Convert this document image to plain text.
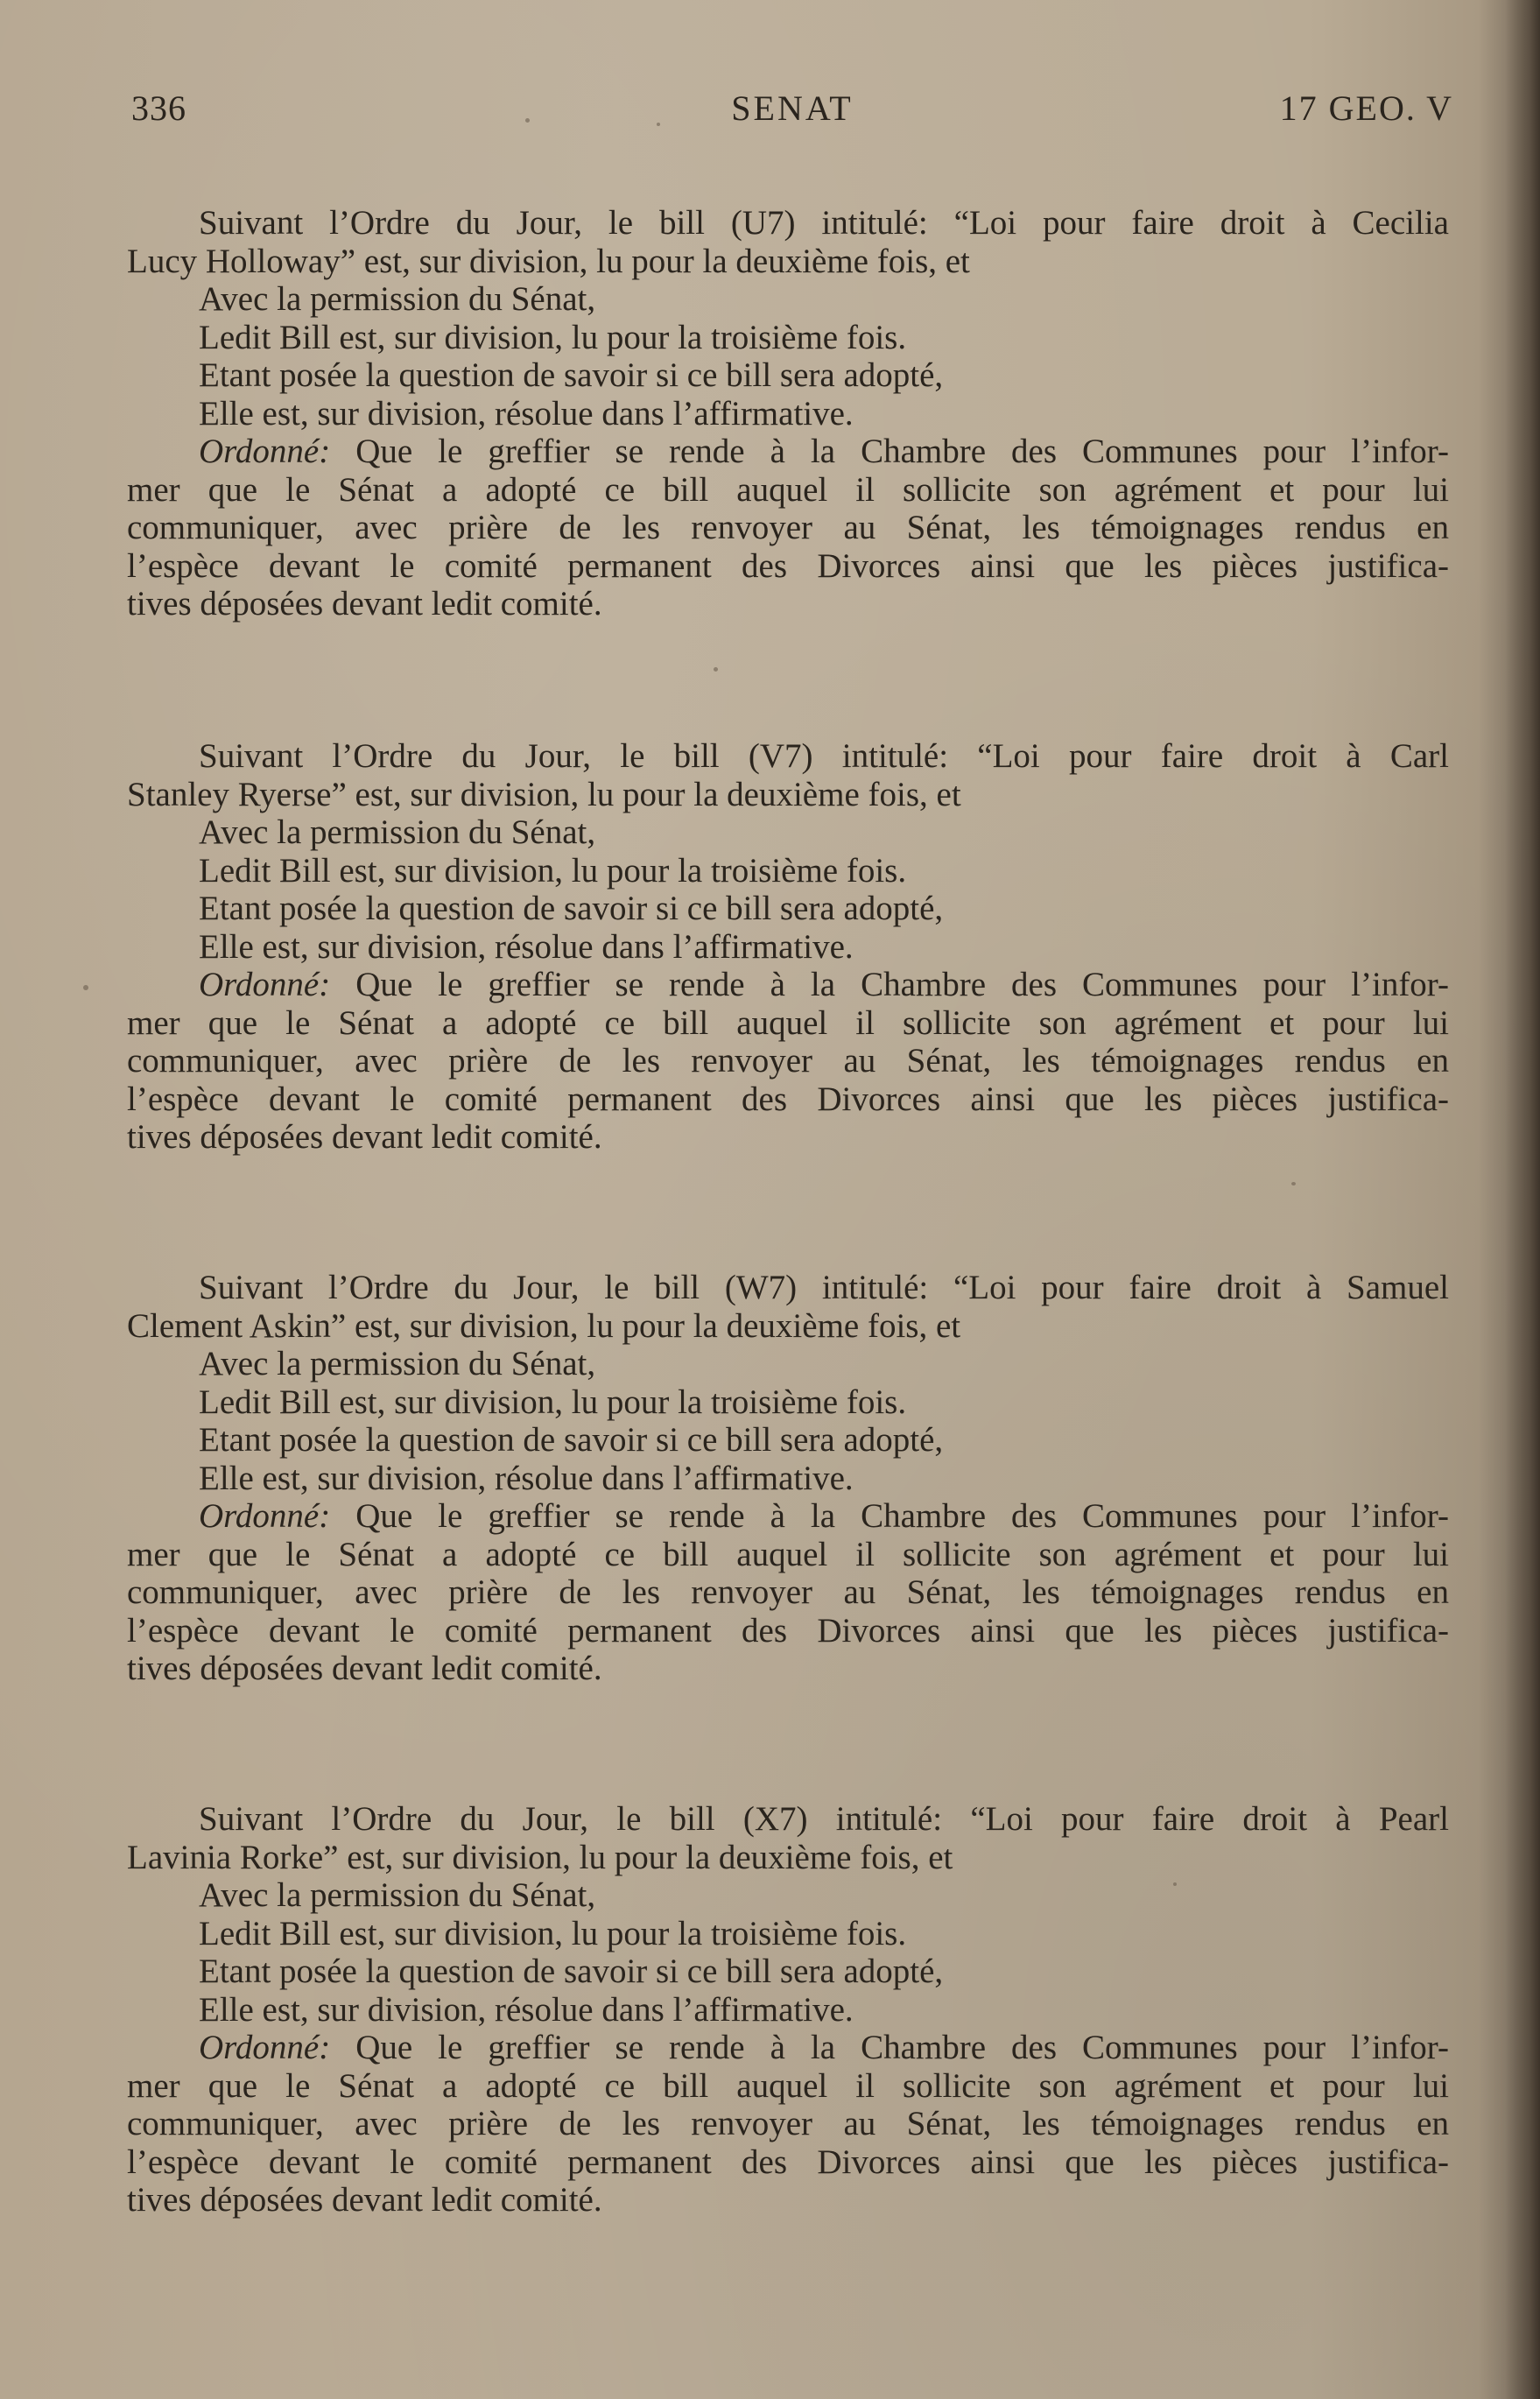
336	SENAT	17 GEO. V
Suivant l’Ordre du Jour, le bill (U7) intitulé: “Loi pour faire droit à Cecilia
Lucy Holloway” est, sur division, lu pour la deuxième fois, et
Avec la permission du Sénat,
Ledit Bill est, sur division, lu pour la troisième fois.
Etant posée la question de savoir si ce bill sera adopté,
Elle est, sur division, résolue dans l’affirmative.
Ordonné: Que le greffier se rende à la Chambre des Communes pour l’infor-
mer que le Sénat a adopté ce bill auquel il sollicite son agrément et pour lui
communiquer, avec prière de les renvoyer au Sénat, les témoignages rendus en
l’espèce devant le comité permanent des Divorces ainsi que les pièces justifica-
tives déposées devant ledit comité.
Suivant l’Ordre du Jour, le bill (V7) intitulé: “Loi pour faire droit à Carl
Stanley Ryerse” est, sur division, lu pour la deuxième fois, et
Avec la permission du Sénat,
Ledit Bill est, sur division, lu pour la troisième fois.
Etant posée la question de savoir si ce bill sera adopté,
Elle est, sur division, résolue dans l’affirmative.
Ordonné: Que le greffier se rende à la Chambre des Communes pour l’infor-
mer que le Sénat a adopté ce bill auquel il sollicite son agrément et pour lui
communiquer, avec prière de les renvoyer au Sénat, les témoignages rendus en
l’espèce devant le comité permanent des Divorces ainsi que les pièces justifica-
tives déposées devant ledit comité.
Suivant l’Ordre du Jour, le bill (W7) intitulé: “Loi pour faire droit à Samuel
Clement Askin” est, sur division, lu pour la deuxième fois, et
Avec la permission du Sénat,
Ledit Bill est, sur division, lu pour la troisième fois.
Etant posée la question de savoir si ce bill sera adopté,
Elle est, sur division, résolue dans l’affirmative.
Ordonné: Que le greffier se rende à la Chambre des Communes pour l’infor-
mer que le Sénat a adopté ce bill auquel il sollicite son agrément et pour lui
communiquer, avec prière de les renvoyer au Sénat, les témoignages rendus en
l’espèce devant le comité permanent des Divorces ainsi que les pièces justifica-
tives déposées devant ledit comité.
Suivant l’Ordre du Jour, le bill (X7) intitulé: “Loi pour faire droit à Pearl
Lavinia Rorke” est, sur division, lu pour la deuxième fois, et
Avec la permission du Sénat,
Ledit Bill est, sur division, lu pour la troisième fois.
Etant posée la question de savoir si ce bill sera adopté,
Elle est, sur division, résolue dans l’affirmative.
Ordonné: Que le greffier se rende à la Chambre des Communes pour l’infor-
mer que le Sénat a adopté ce bill auquel il sollicite son agrément et pour lui
communiquer, avec prière de les renvoyer au Sénat, les témoignages rendus en
l’espèce devant le comité permanent des Divorces ainsi que les pièces justifica-
tives déposées devant ledit comité.
